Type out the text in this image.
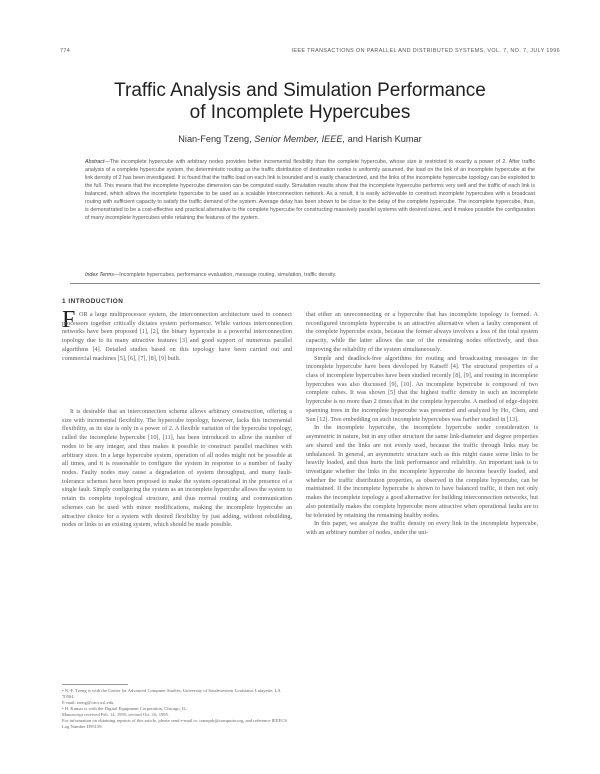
774	IEEE TRANSACTIONS ON PARALLEL AND DISTRIBUTED SYSTEMS, VOL. 7, NO. 7, JULY 1996
Traffic Analysis and Simulation Performance
of Incomplete Hypercubes
Nian-Feng Tzeng, Senior Member, IEEE, and Harish Kumar

Abstract—The incomplete hypercube with arbitrary nodes provides better incremental flexibility than the complete hypercube, whose size is restricted to exactly a power of 2. After traffic analysis of a complete hypercube system, the deterministic routing as the traffic distribution of destination nodes is uniformly assumed, the load on the link of an incomplete hypercube at the link density of 2 has been investigated. It is found that the traffic load on each link is bounded and is easily characterized, and the links of the incomplete hypercube topology can be exploited to the full. This means that the incomplete hypercube dimension can be computed easily. Simulation results show that the incomplete hypercube performs very well and the traffic of each link is balanced, which allows the incomplete hypercube to be used as a scalable interconnection network. As a result, it is easily achievable to construct incomplete hypercubes with a broadcast routing with sufficient capacity to satisfy the traffic demand of the system. Average delay has been shown to be close to the delay of the complete hypercube. The incomplete hypercube, thus, is demonstrated to be a cost-effective and practical alternative to the complete hypercube for constructing massively parallel systems with desired sizes, and it makes possible the configuration of many incomplete hypercubes while retaining the features of the system.

Index Terms—Incomplete hypercubes, performance evaluation, message routing, simulation, traffic density.

1 INTRODUCTION
F OR a large multiprocessor system, the interconnection architecture used to connect processors together critically dictates system performance. While various interconnection networks have been proposed [1], [2], the binary hypercube is a powerful interconnection topology due to its many attractive features [3] and good support of numerous parallel algorithms [4]. Detailed studies based on this topology have been carried out and commercial machines [5], [6], [7], [8], [9] built.

It is desirable that an interconnection scheme allows arbitrary construction, offering a size with incremental flexibility. The hypercube topology, however, lacks this incremental flexibility, as its size is only in a power of 2. A flexible variation of the hypercube topology, called the incomplete hypercube [10], [11], has been introduced to allow the number of nodes to be any integer, and thus makes it possible to construct parallel machines with arbitrary sizes. In a large hypercube system, operation of all nodes might not be possible at all times, and it is reasonable to configure the system in response to a number of faulty nodes. Faulty nodes may cause a degradation of system throughput, and many fault-tolerance schemes have been proposed to make the system operational in the presence of a single fault. Simply configuring the system as an incomplete hypercube allows the system to retain its complete topological structure, and thus normal routing and communication schemes can be used with minor modifications, making the incomplete hypercube an attractive choice for a system with desired flexibility by just adding, without rebuilding, nodes or links to an existing system, which should be made possible.

that either an unreconnecting or a hypercube that has incomplete topology is formed. A reconfigured incomplete hypercube is an attractive alternative when a faulty component of the complete hypercube exists, because the former always involves a loss of the total system capacity, while the latter allows the use of the remaining nodes effectively, and thus improving the reliability of the system simultaneously.

Simple and deadlock-free algorithms for routing and broadcasting messages in the incomplete hypercube have been developed by Katseff [4]. The structural properties of a class of incomplete hypercubes have been studied recently [8], [9], and routing in incomplete hypercubes was also discussed [9], [10]. An incomplete hypercube is composed of two complete cubes. It was shown [5] that the highest traffic density in such an incomplete hypercube is no more than 2 times that in the complete hypercube. A method of edge-disjoint spanning trees in the incomplete hypercube was presented and analyzed by Ho, Chen, and Sun [12]. Tree embedding on such incomplete hypercubes was further studied in [13].

In the incomplete hypercube, the incomplete hypercube under consideration is asymmetric in nature, but in any other structure the same link-diameter and degree properties are shared and the links are not evenly used, because the traffic through links may be unbalanced. In general, an asymmetric structure such as this might cause some links to be heavily loaded, and thus hurts the link performance and reliability. An important task is to investigate whether the links in the incomplete hypercube do become heavily loaded, and whether the traffic distribution properties, as observed in the complete hypercube, can be maintained. If the incomplete hypercube is shown to have balanced traffic, it then not only makes the incomplete topology a good alternative for building interconnection networks, but also potentially makes the complete hypercube more attractive when operational faults are to be tolerated by retaining the remaining healthy nodes.

In this paper, we analyze the traffic density on every link in the incomplete hypercube, with an arbitrary number of nodes, under the uni-

• N.-F. Tzeng is with the Center for Advanced Computer Studies, University of Southwestern Louisiana, Lafayette, LA 70504.
E-mail: tzeng@cacs.usl.edu.
• H. Kumar is with the Digital Equipment Corporation, Chicago, IL.
Manuscript received Feb. 14, 1995; revised Oct. 16, 1995.
For information on obtaining reprints of this article, please send e-mail to: transpds@computer.org, and reference IEEECS Log Number D95159.
